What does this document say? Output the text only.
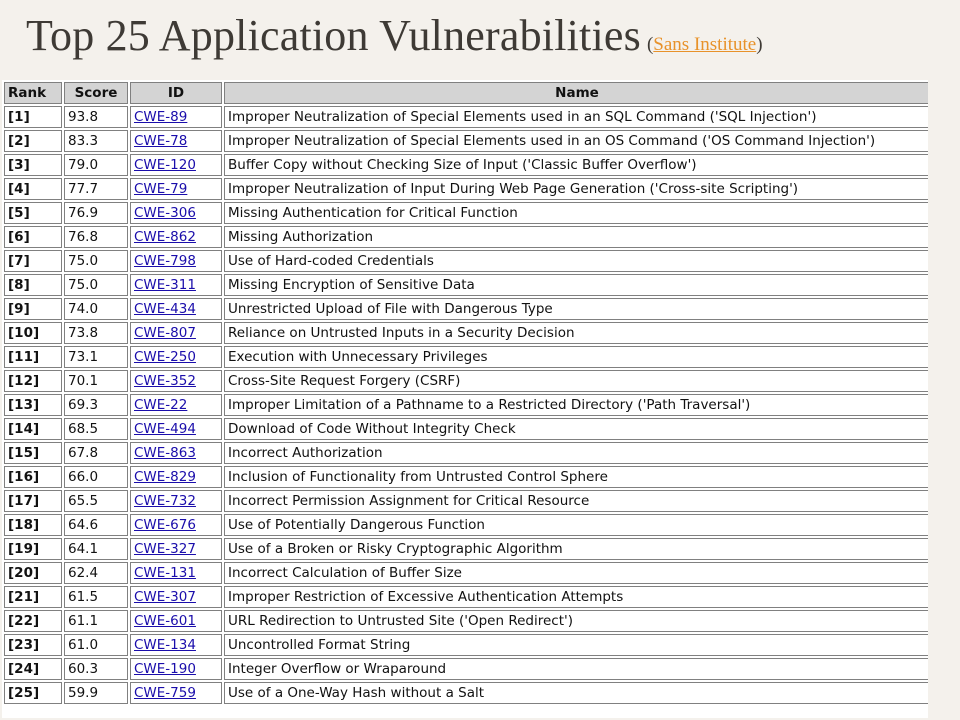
Top 25 Application Vulnerabilities (Sans Institute)
Rank	Score	ID	Name
[1]	93.8	CWE-89	Improper Neutralization of Special Elements used in an SQL Command ('SQL Injection')
[2]	83.3	CWE-78	Improper Neutralization of Special Elements used in an OS Command ('OS Command Injection')
[3]	79.0	CWE-120	Buffer Copy without Checking Size of Input ('Classic Buffer Overflow')
[4]	77.7	CWE-79	Improper Neutralization of Input During Web Page Generation ('Cross-site Scripting')
[5]	76.9	CWE-306	Missing Authentication for Critical Function
[6]	76.8	CWE-862	Missing Authorization
[7]	75.0	CWE-798	Use of Hard-coded Credentials
[8]	75.0	CWE-311	Missing Encryption of Sensitive Data
[9]	74.0	CWE-434	Unrestricted Upload of File with Dangerous Type
[10]	73.8	CWE-807	Reliance on Untrusted Inputs in a Security Decision
[11]	73.1	CWE-250	Execution with Unnecessary Privileges
[12]	70.1	CWE-352	Cross-Site Request Forgery (CSRF)
[13]	69.3	CWE-22	Improper Limitation of a Pathname to a Restricted Directory ('Path Traversal')
[14]	68.5	CWE-494	Download of Code Without Integrity Check
[15]	67.8	CWE-863	Incorrect Authorization
[16]	66.0	CWE-829	Inclusion of Functionality from Untrusted Control Sphere
[17]	65.5	CWE-732	Incorrect Permission Assignment for Critical Resource
[18]	64.6	CWE-676	Use of Potentially Dangerous Function
[19]	64.1	CWE-327	Use of a Broken or Risky Cryptographic Algorithm
[20]	62.4	CWE-131	Incorrect Calculation of Buffer Size
[21]	61.5	CWE-307	Improper Restriction of Excessive Authentication Attempts
[22]	61.1	CWE-601	URL Redirection to Untrusted Site ('Open Redirect')
[23]	61.0	CWE-134	Uncontrolled Format String
[24]	60.3	CWE-190	Integer Overflow or Wraparound
[25]	59.9	CWE-759	Use of a One-Way Hash without a Salt
